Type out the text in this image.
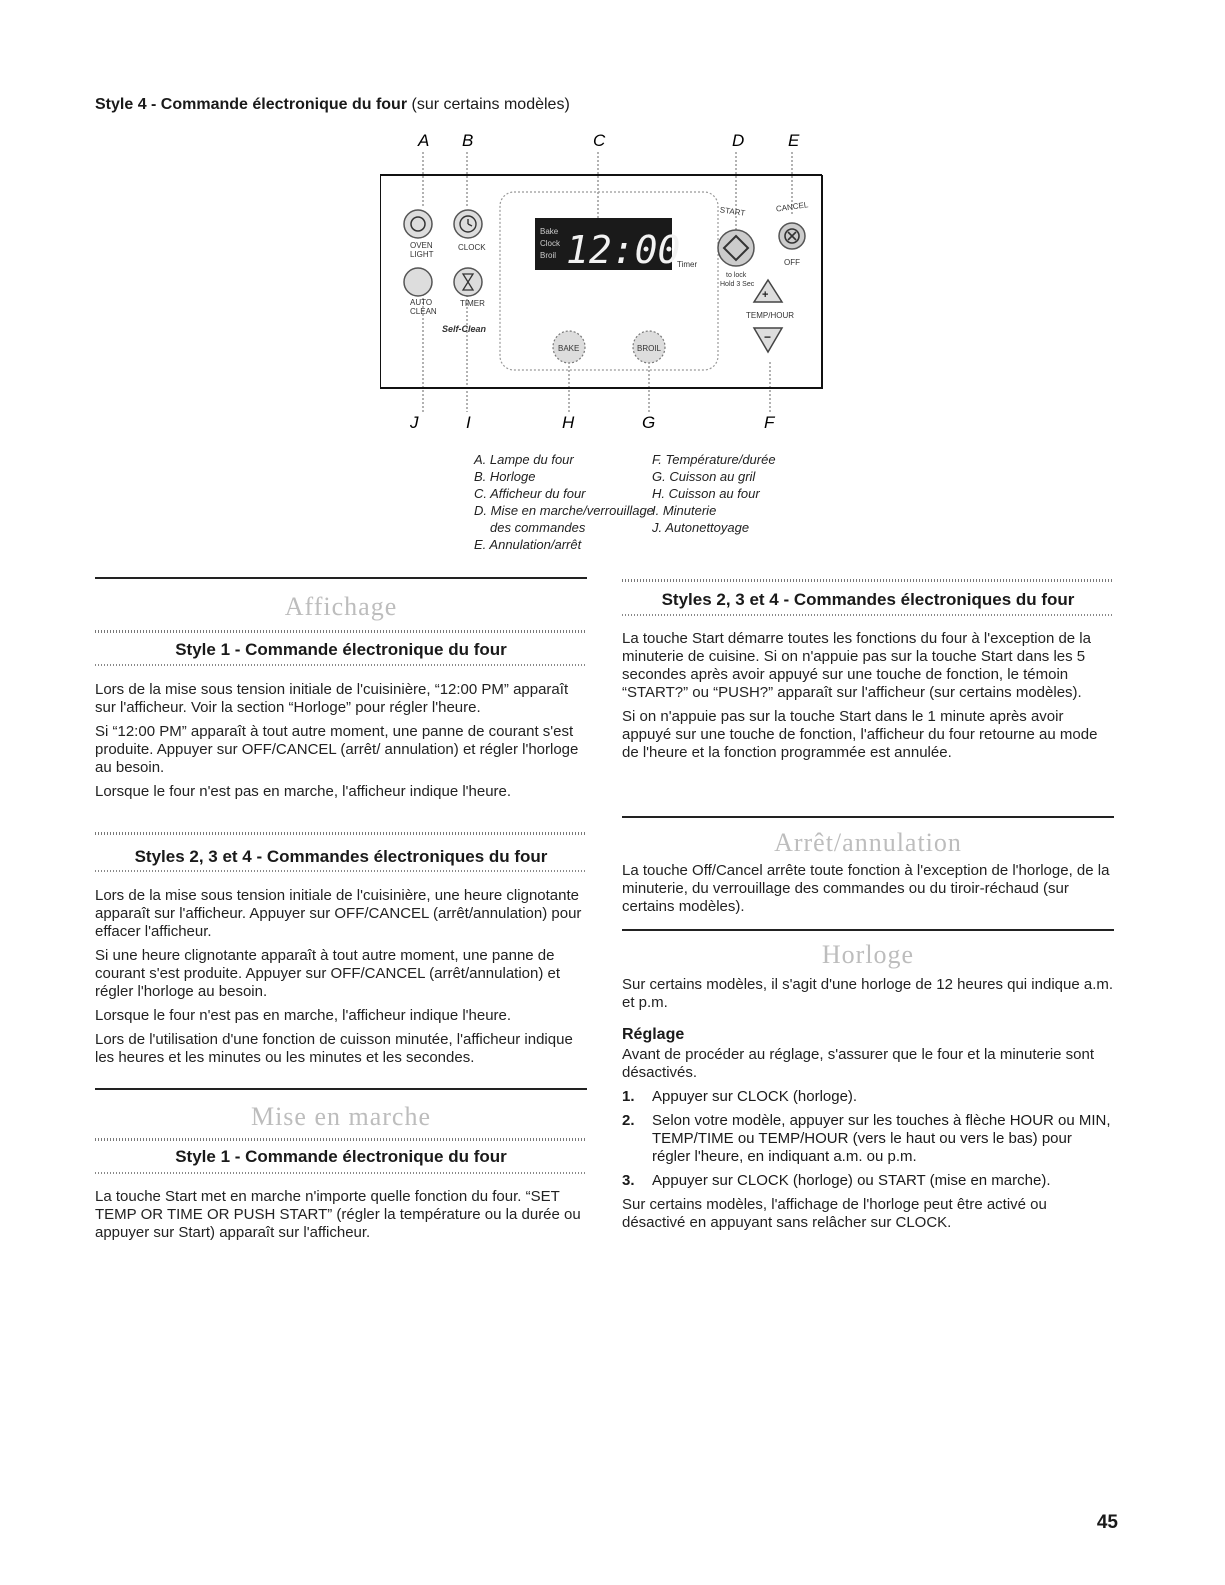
Style 4 - Commande électronique du four (sur certains modèles)
A B	C	D	E
OVEN
LIGHT
CLOCK
AUTO
CLEAN
TIMER
Self-Clean
Bake
Clock
Broil 12:00
Timer
BAKE	BROIL
START
to lock
Hold 3 Sec
CANCEL
OFF
+
TEMP/HOUR
−
J	I	H	G	F
A. Lampe du four
B. Horloge
C. Afficheur du four
D. Mise en marche/verrouillage
des commandes
E. Annulation/arrêt
F. Température/durée
G. Cuisson au gril
H. Cuisson au four
I. Minuterie
J. Autonettoyage
Affichage
Style 1 - Commande électronique du four

Lors de la mise sous tension initiale de l'cuisinière, “12:00 PM” apparaît sur l'afficheur. Voir la section “Horloge” pour régler l'heure.

Si “12:00 PM” apparaît à tout autre moment, une panne de courant s'est produite. Appuyer sur OFF/CANCEL (arrêt/ annulation) et régler l'horloge au besoin.

Lorsque le four n'est pas en marche, l'afficheur indique l'heure.

Styles 2, 3 et 4 - Commandes électroniques du four

Lors de la mise sous tension initiale de l'cuisinière, une heure clignotante apparaît sur l'afficheur. Appuyer sur OFF/CANCEL (arrêt/annulation) pour effacer l'afficheur.

Si une heure clignotante apparaît à tout autre moment, une panne de courant s'est produite. Appuyer sur OFF/CANCEL (arrêt/annulation) et régler l'horloge au besoin.

Lorsque le four n'est pas en marche, l'afficheur indique l'heure.

Lors de l'utilisation d'une fonction de cuisson minutée, l'afficheur indique les heures et les minutes ou les minutes et les secondes.

Mise en marche
Style 1 - Commande électronique du four

La touche Start met en marche n'importe quelle fonction du four. “SET TEMP OR TIME OR PUSH START” (régler la température ou la durée ou appuyer sur Start) apparaît sur l'afficheur.

Styles 2, 3 et 4 - Commandes électroniques du four

La touche Start démarre toutes les fonctions du four à l'exception de la minuterie de cuisine. Si on n'appuie pas sur la touche Start dans les 5 secondes après avoir appuyé sur une touche de fonction, le témoin “START?” ou “PUSH?” apparaît sur l'afficheur (sur certains modèles).

Si on n'appuie pas sur la touche Start dans le 1 minute après avoir appuyé sur une touche de fonction, l'afficheur du four retourne au mode de l'heure et la fonction programmée est annulée.

Arrêt/annulation

La touche Off/Cancel arrête toute fonction à l'exception de l'horloge, de la minuterie, du verrouillage des commandes ou du tiroir-réchaud (sur certains modèles).

Horloge

Sur certains modèles, il s'agit d'une horloge de 12 heures qui indique a.m. et p.m.

Réglage

Avant de procéder au réglage, s'assurer que le four et la minuterie sont désactivés.

1.	Appuyer sur CLOCK (horloge).
2.	Selon votre modèle, appuyer sur les touches à flèche HOUR ou MIN, TEMP/TIME ou TEMP/HOUR (vers le haut ou vers le bas) pour régler l'heure, en indiquant a.m. ou p.m.
3.	Appuyer sur CLOCK (horloge) ou START (mise en marche).

Sur certains modèles, l'affichage de l'horloge peut être activé ou désactivé en appuyant sans relâcher sur CLOCK.

45
